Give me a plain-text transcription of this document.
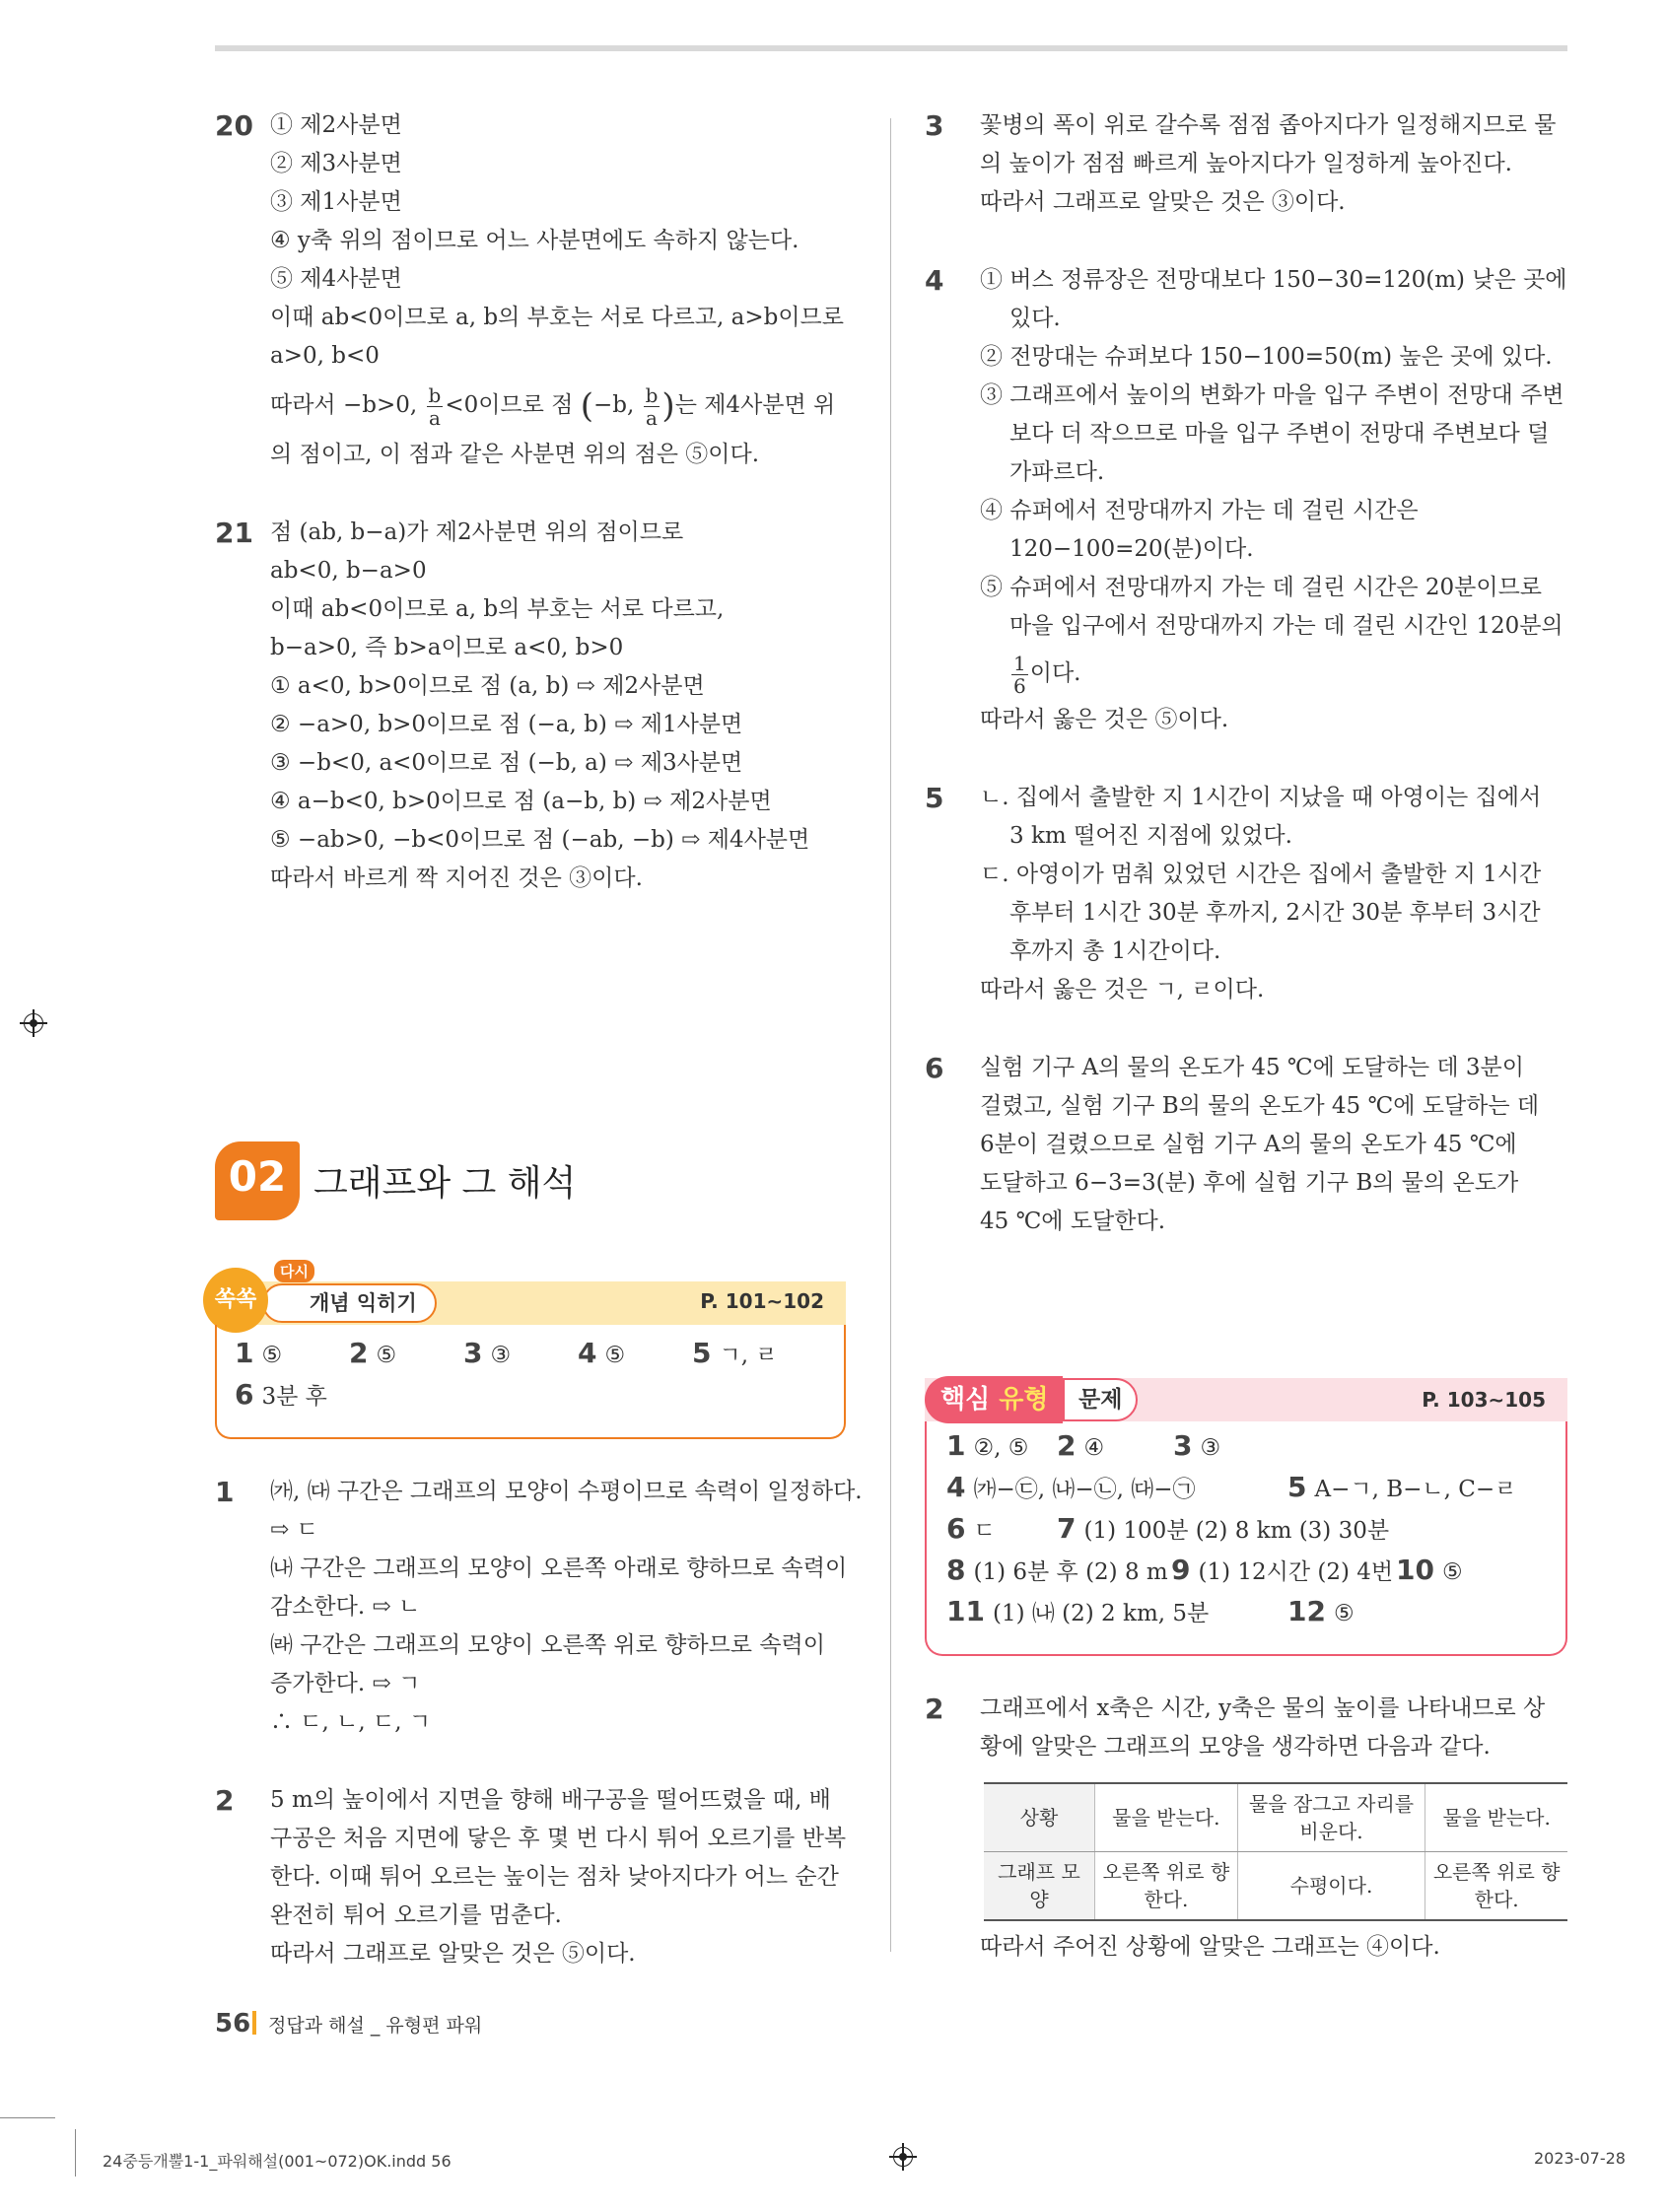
20 ① 제2사분면
② 제3사분면
③ 제1사분면
④ y축 위의 점이므로 어느 사분면에도 속하지 않는다.
⑤ 제4사분면
이때 ab<0이므로 a, b의 부호는 서로 다르고, a>b이므로
a>0, b<0
따라서 −b>0, $\frac{b}{a} <0$이므로 점 (−b, $\frac{b}{a}$ )는 제4사분면 위
의 점이고, 이 점과 같은 사분면 위의 점은 ⑤이다.
21 점 (ab, b−a)가 제2사분면 위의 점이므로
ab<0, b−a>0
이때 ab<0이므로 a, b의 부호는 서로 다르고,
b−a>0, 즉 b>a이므로 a<0, b>0
① a<0, b>0이므로 점 (a, b) ⇨ 제2사분면
② −a>0, b>0이므로 점 (−a, b) ⇨ 제1사분면
③ −b<0, a<0이므로 점 (−b, a) ⇨ 제3사분면
④ a−b<0, b>0이므로 점 (a−b, b) ⇨ 제2사분면
⑤ −ab>0, −b<0이므로 점 (−ab, −b) ⇨ 제4사분면
따라서 바르게 짝 지어진 것은 ③이다.
02 그래프와 그 해석
개념 익히기
쏙쏙
다시
P. 101∼102
1 ⑤ 2 ⑤ 3 ③ 4 ⑤ 5 ㄱ, ㄹ
6 3분 후
1 ㈎, ㈐ 구간은 그래프의 모양이 수평이므로 속력이 일정하다.
⇨ ㄷ
㈏ 구간은 그래프의 모양이 오른쪽 아래로 향하므로 속력이
감소한다. ⇨ ㄴ
㈑ 구간은 그래프의 모양이 오른쪽 위로 향하므로 속력이
증가한다. ⇨ ㄱ
∴ ㄷ, ㄴ, ㄷ, ㄱ
2 5 m의 높이에서 지면을 향해 배구공을 떨어뜨렸을 때, 배
구공은 처음 지면에 닿은 후 몇 번 다시 튀어 오르기를 반복
한다. 이때 튀어 오르는 높이는 점차 낮아지다가 어느 순간
완전히 튀어 오르기를 멈춘다.
따라서 그래프로 알맞은 것은 ⑤이다.
3 꽃병의 폭이 위로 갈수록 점점 좁아지다가 일정해지므로 물
의 높이가 점점 빠르게 높아지다가 일정하게 높아진다.
따라서 그래프로 알맞은 것은 ③이다.
4 ① 버스 정류장은 전망대보다 150−30=120(m) 낮은 곳에
있다.
② 전망대는 슈퍼보다 150−100=50(m) 높은 곳에 있다.
③ 그래프에서 높이의 변화가 마을 입구 주변이 전망대 주변
보다 더 작으므로 마을 입구 주변이 전망대 주변보다 덜
가파르다.
④ 슈퍼에서 전망대까지 가는 데 걸린 시간은
120−100=20(분)이다.
⑤ 슈퍼에서 전망대까지 가는 데 걸린 시간은 20분이므로
마을 입구에서 전망대까지 가는 데 걸린 시간인 120분의
$\frac{1}{6}$ 이다.
따라서 옳은 것은 ⑤이다.
5 ㄴ. 집에서 출발한 지 1시간이 지났을 때 아영이는 집에서
3 km 떨어진 지점에 있었다.
ㄷ. 아영이가 멈춰 있었던 시간은 집에서 출발한 지 1시간
후부터 1시간 30분 후까지, 2시간 30분 후부터 3시간
후까지 총 1시간이다.
따라서 옳은 것은 ㄱ, ㄹ이다.
6 실험 기구 A의 물의 온도가 45 ℃에 도달하는 데 3분이
걸렸고, 실험 기구 B의 물의 온도가 45 ℃에 도달하는 데
6분이 걸렸으므로 실험 기구 A의 물의 온도가 45 ℃에
도달하고 6−3=3(분) 후에 실험 기구 B의 물의 온도가
45 ℃에 도달한다.
문제
핵심 유형	P. 103∼105
1 ②, ⑤ 2 ④ 3 ③
4 ㈎−㉢, ㈏−㉡, ㈐−㉠	5 A−ㄱ, B−ㄴ, C−ㄹ
6 ㄷ 7 (1) 100분 (2) 8 km (3) 30분
8 (1) 6분 후 (2) 8 m 9 (1) 12시간 (2) 4번 10 ⑤
11 (1) ㈏ (2) 2 km, 5분	12 ⑤
2 그래프에서 x축은 시간, y축은 물의 높이를 나타내므로 상
황에 알맞은 그래프의 모양을 생각하면 다음과 같다.
상황	물을 받는다.	물을 잠그고 자리를 비운다.	물을 받는다.
그래프 모양	오른쪽 위로 향한다.	수평이다.	오른쪽 위로 향한다.
따라서 주어진 상황에 알맞은 그래프는 ④이다.
56 정답과 해설 _ 유형편 파워
24중등개뿔1-1_파워해설(001~072)OK.indd 56	2023-07-28
